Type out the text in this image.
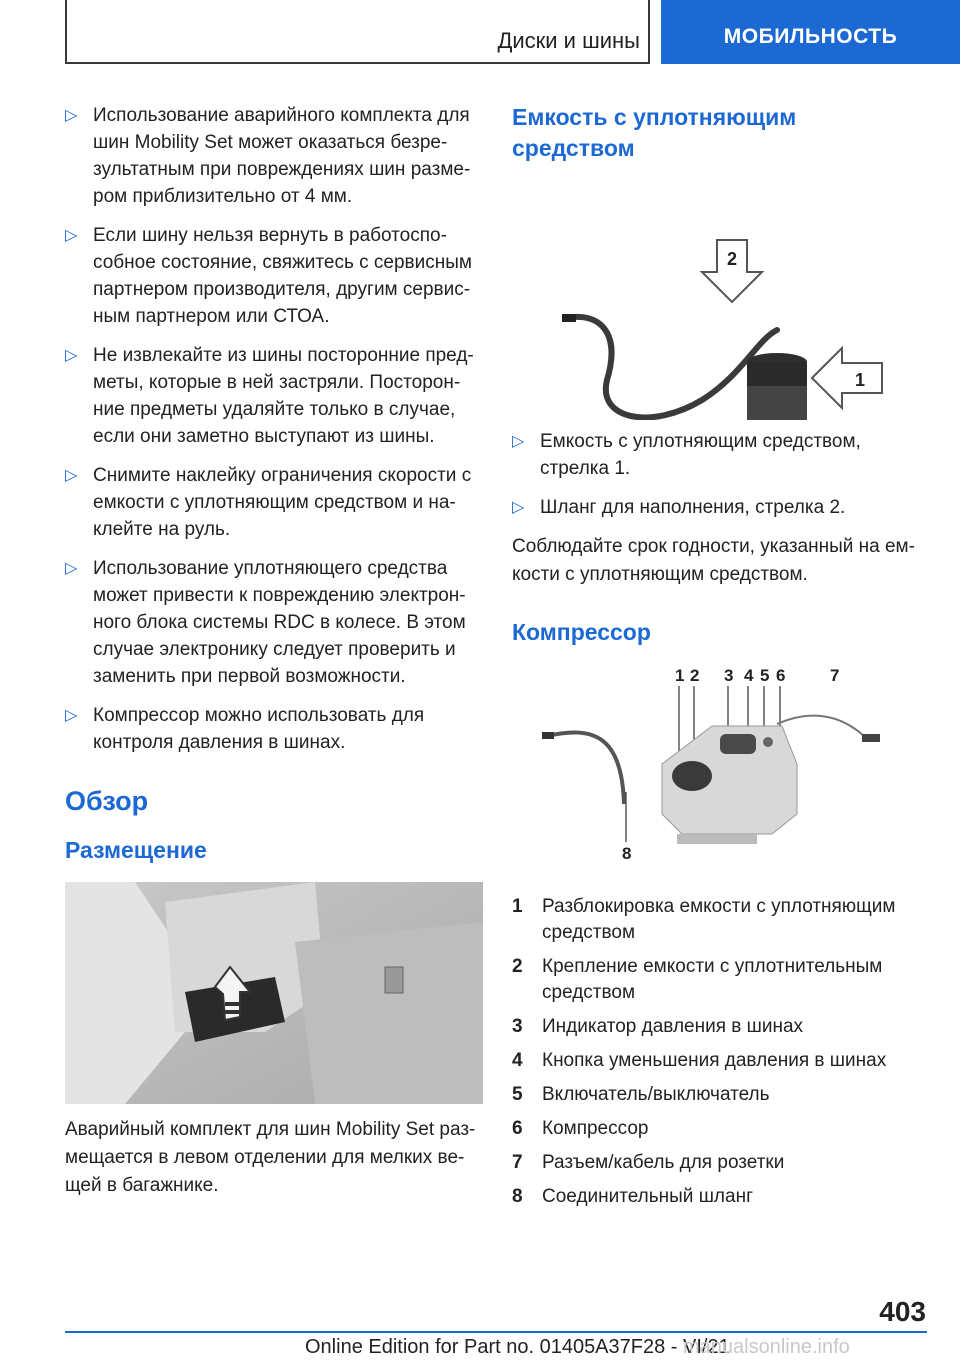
Диски и шины	МОБИЛЬНОСТЬ
▷ Использование аварийного комплекта для шин Mobility Set может оказаться безре-зультатным при повреждениях шин разме-ром приблизительно от 4 мм.
▷ Если шину нельзя вернуть в работоспо-собное состояние, свяжитесь с сервисным партнером производителя, другим сервис-ным партнером или СТОА.
▷ Не извлекайте из шины посторонние пред-меты, которые в ней застряли. Посторон-ние предметы удаляйте только в случае, если они заметно выступают из шины.
▷ Снимите наклейку ограничения скорости с емкости с уплотняющим средством и на-клейте на руль.
▷ Использование уплотняющего средства может привести к повреждению электрон-ного блока системы RDC в колесе. В этом случае электронику следует проверить и заменить при первой возможности.
▷ Компрессор можно использовать для контроля давления в шинах.
Обзор
Размещение
Аварийный комплект для шин Mobility Set раз-мещается в левом отделении для мелких ве-щей в багажнике.
Емкость с уплотняющим средством
2
1
▷ Емкость с уплотняющим средством, стрелка 1.
▷ Шланг для наполнения, стрелка 2.
Соблюдайте срок годности, указанный на ем-кости с уплотняющим средством.
Компрессор
1 2 3 4 5 6	7
8
1 Разблокировка емкости с уплотняющим средством
2 Крепление емкости с уплотнительным средством
3 Индикатор давления в шинах
4 Кнопка уменьшения давления в шинах
5 Включатель/выключатель
6 Компрессор
7 Разъем/кабель для розетки
8 Соединительный шланг
403
Online Edition for Part no. 01405A37F28 - VI/21
manualsonline.info
